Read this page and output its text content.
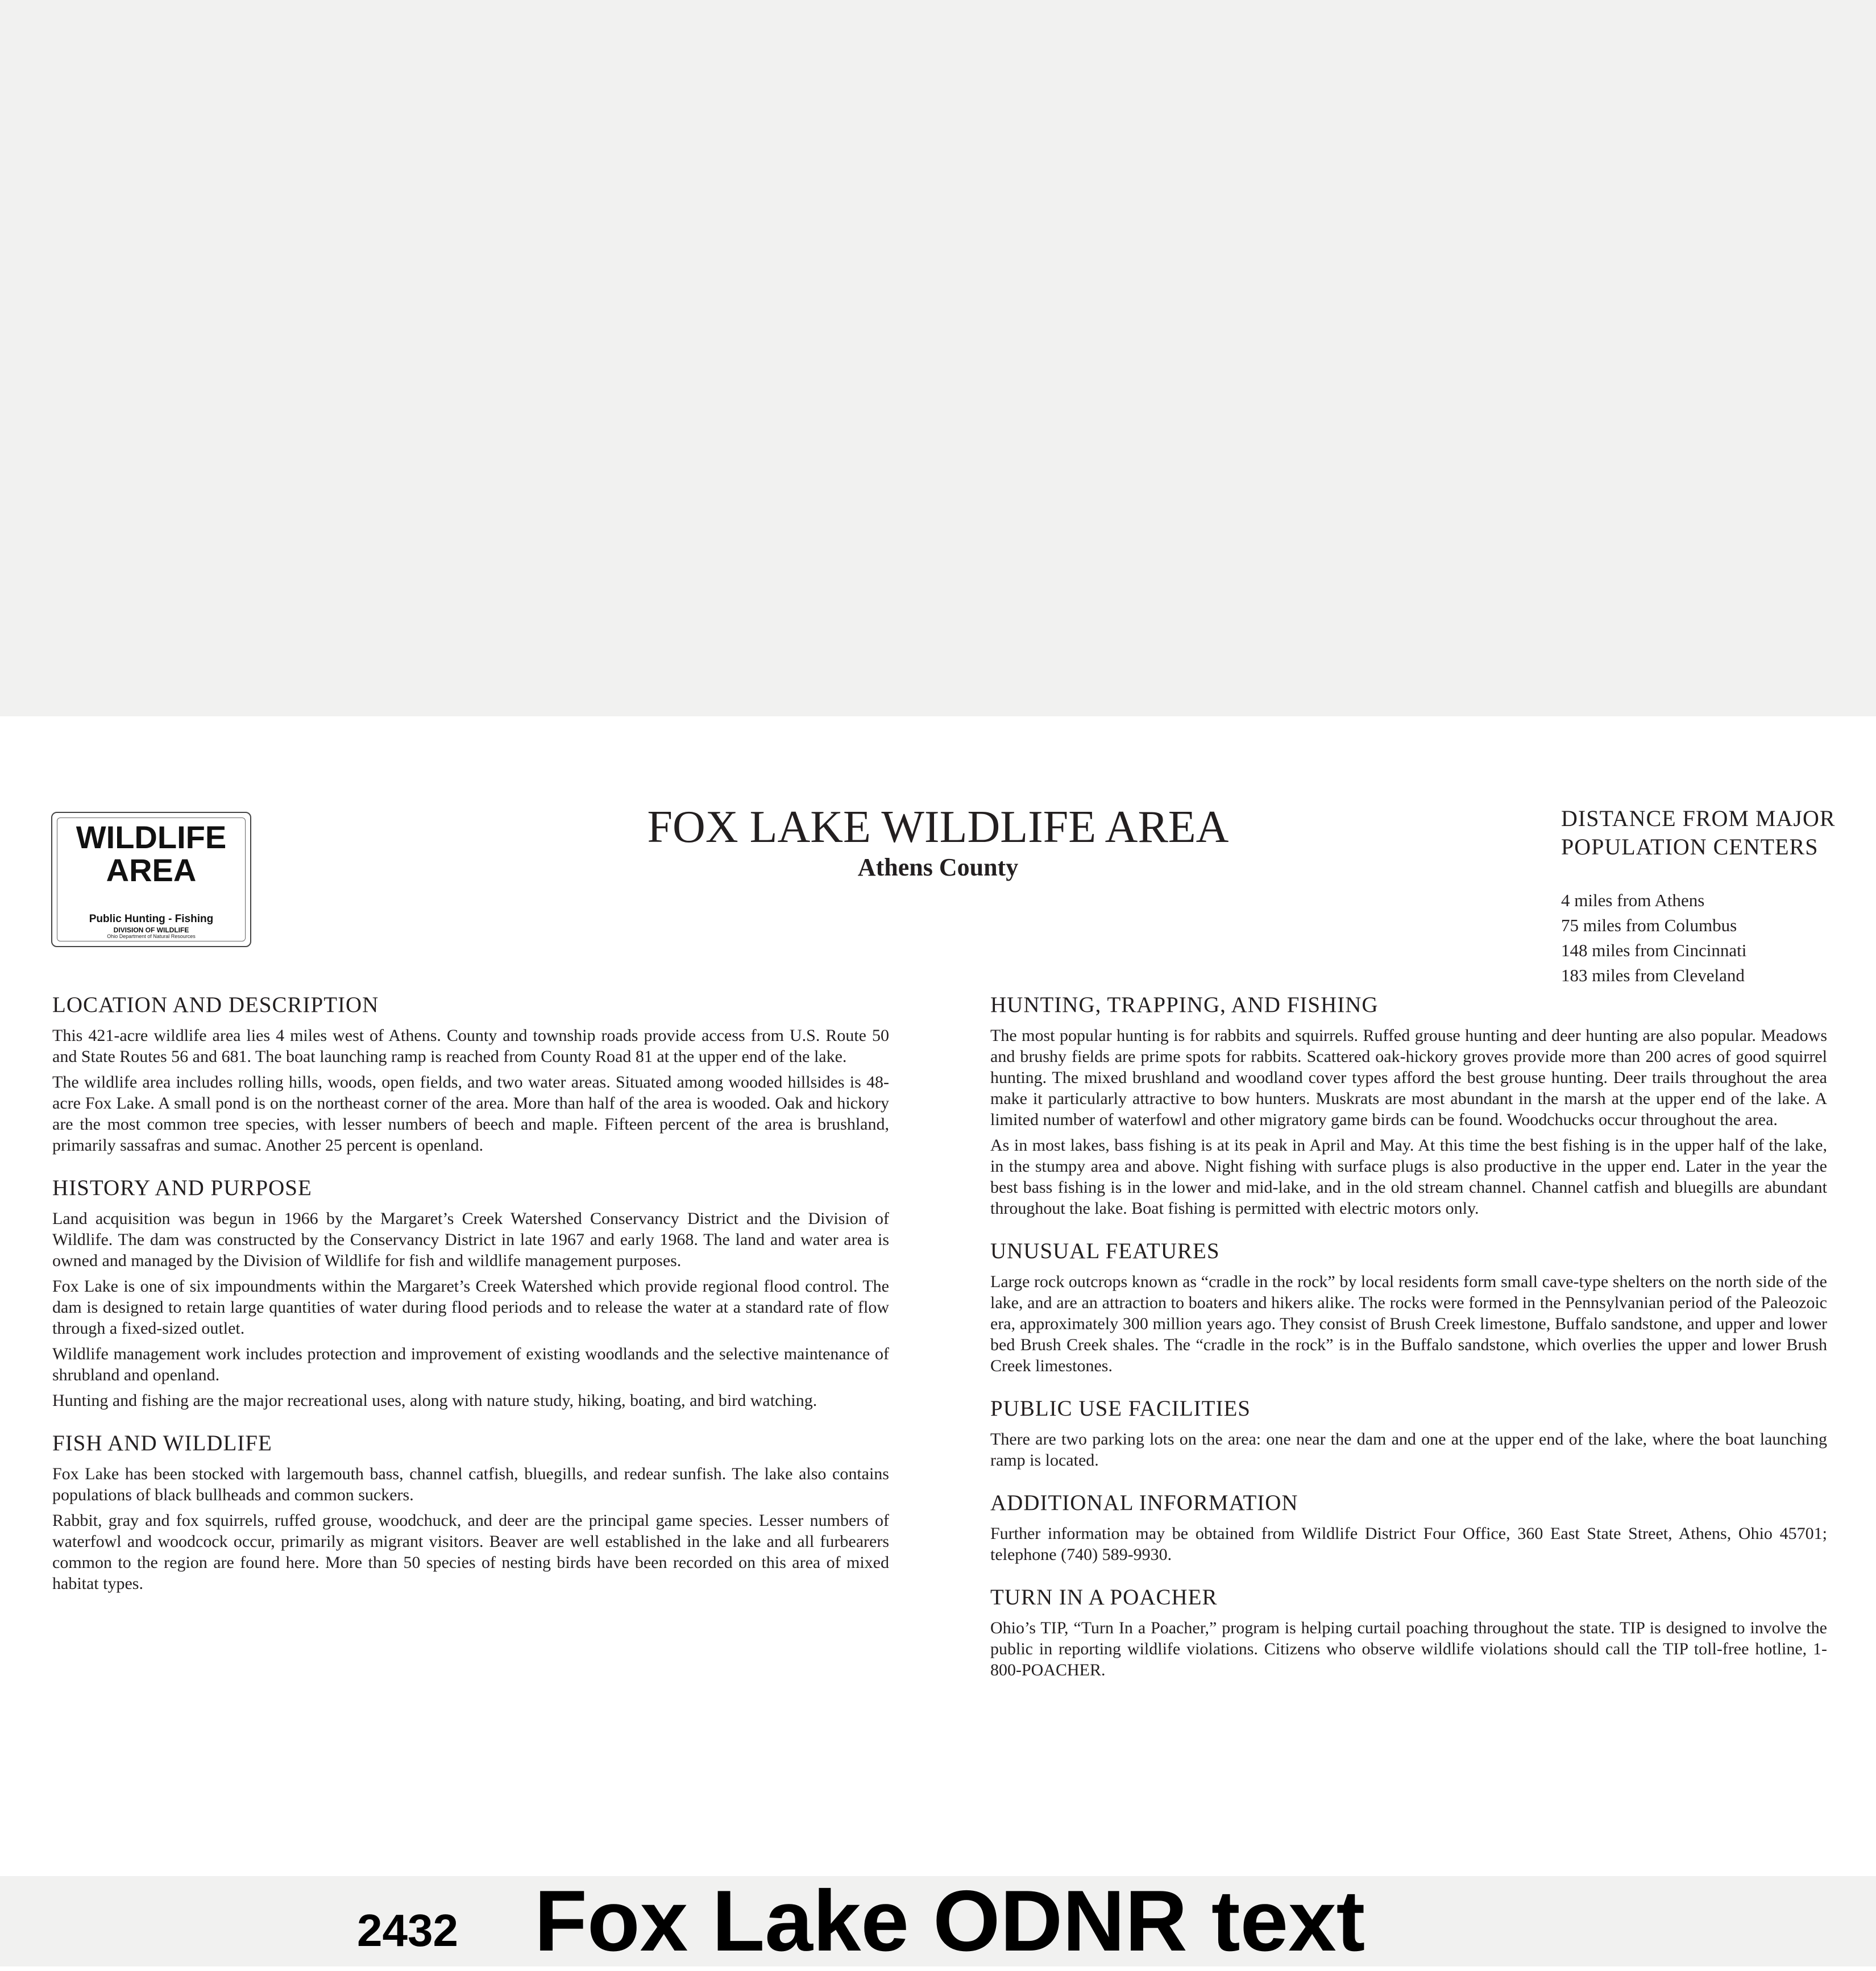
WILDLIFE
AREA
Public Hunting - Fishing
DIVISION OF WILDLIFE
Ohio Department of Natural Resources
FOX LAKE WILDLIFE AREA
Athens County
DISTANCE FROM MAJOR
POPULATION CENTERS
4 miles from Athens
75 miles from Columbus
148 miles from Cincinnati
183 miles from Cleveland
LOCATION AND DESCRIPTION

This 421-acre wildlife area lies 4 miles west of Athens. County and township roads provide access from U.S. Route 50 and State Routes 56 and 681. The boat launching ramp is reached from County Road 81 at the upper end of the lake.

The wildlife area includes rolling hills, woods, open fields, and two water areas. Situated among wooded hillsides is 48-acre Fox Lake. A small pond is on the northeast corner of the area. More than half of the area is wooded. Oak and hickory are the most common tree species, with lesser numbers of beech and maple. Fifteen percent of the area is brushland, primarily sassafras and sumac. Another 25 percent is openland.

HISTORY AND PURPOSE

Land acquisition was begun in 1966 by the Margaret’s Creek Watershed Conservancy District and the Division of Wildlife. The dam was constructed by the Conservancy District in late 1967 and early 1968. The land and water area is owned and managed by the Division of Wildlife for fish and wildlife management purposes.

Fox Lake is one of six impoundments within the Margaret’s Creek Watershed which provide regional flood control. The dam is designed to retain large quantities of water during flood periods and to release the water at a standard rate of flow through a fixed-sized outlet.

Wildlife management work includes protection and improvement of existing woodlands and the selective maintenance of shrubland and openland.

Hunting and fishing are the major recreational uses, along with nature study, hiking, boating, and bird watching.

FISH AND WILDLIFE

Fox Lake has been stocked with largemouth bass, channel catfish, bluegills, and redear sunfish. The lake also contains populations of black bullheads and common suckers.

Rabbit, gray and fox squirrels, ruffed grouse, woodchuck, and deer are the principal game species. Lesser numbers of waterfowl and woodcock occur, primarily as migrant visitors. Beaver are well established in the lake and all furbearers common to the region are found here. More than 50 species of nesting birds have been recorded on this area of mixed habitat types.

HUNTING, TRAPPING, AND FISHING

The most popular hunting is for rabbits and squirrels. Ruffed grouse hunting and deer hunting are also popular. Meadows and brushy fields are prime spots for rabbits. Scattered oak-hickory groves provide more than 200 acres of good squirrel hunting. The mixed brushland and woodland cover types afford the best grouse hunting. Deer trails throughout the area make it particularly attractive to bow hunters. Muskrats are most abundant in the marsh at the upper end of the lake. A limited number of waterfowl and other migratory game birds can be found. Woodchucks occur throughout the area.

As in most lakes, bass fishing is at its peak in April and May. At this time the best fishing is in the upper half of the lake, in the stumpy area and above. Night fishing with surface plugs is also productive in the upper end. Later in the year the best bass fishing is in the lower and mid-lake, and in the old stream channel. Channel catfish and bluegills are abundant throughout the lake. Boat fishing is permitted with electric motors only.

UNUSUAL FEATURES

Large rock outcrops known as “cradle in the rock” by local residents form small cave-type shelters on the north side of the lake, and are an attraction to boaters and hikers alike. The rocks were formed in the Pennsylvanian period of the Paleozoic era, approximately 300 million years ago. They consist of Brush Creek limestone, Buffalo sandstone, and upper and lower bed Brush Creek shales. The “cradle in the rock” is in the Buffalo sandstone, which overlies the upper and lower Brush Creek limestones.

PUBLIC USE FACILITIES

There are two parking lots on the area: one near the dam and one at the upper end of the lake, where the boat launching ramp is located.

ADDITIONAL INFORMATION

Further information may be obtained from Wildlife District Four Office, 360 East State Street, Athens, Ohio 45701; telephone (740) 589-9930.

TURN IN A POACHER

Ohio’s TIP, “Turn In a Poacher,” program is helping curtail poaching throughout the state. TIP is designed to involve the public in reporting wildlife violations. Citizens who observe wildlife violations should call the TIP toll-free hotline, 1-800-POACHER.

2432 Fox Lake ODNR text
